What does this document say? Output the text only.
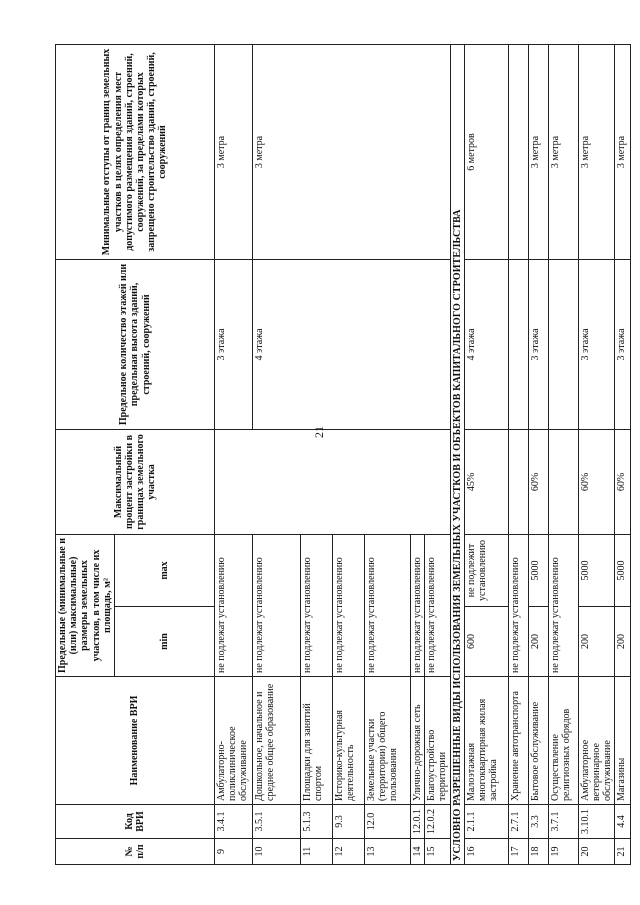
21
№ п/п	Код ВРИ	Наименование ВРИ	Предельные (минимальные и (или) максимальные) размеры земельных участков, в том числе их площадь, м²		Максимальный процент застройки в границах земельного участка	Предельное количество этажей или предельная высота зданий, строений, сооружений	Минимальные отступы от границ земельных участков в целях определения мест допустимого размещения зданий, строений, сооружений, за пределами которых запрещено строительство зданий, строений, сооружений
			min	max			
9	3.4.1	Амбулаторно-поликлиническое обслуживание	не подлежат установлению			3 этажа	3 метра
10	3.5.1	Дошкольное, начальное и среднее общее образование	не подлежат установлению			4 этажа	3 метра
11	5.1.3	Площадки для занятий спортом	не подлежат установлению				
12	9.3	Историко-культурная деятельность	не подлежат установлению				
13	12.0	Земельные участки (территории) общего пользования	не подлежат установлению				
14	12.0.1	Улично-дорожная сеть	не подлежат установлению				
15	12.0.2	Благоустройство территории	не подлежат установлению				
УСЛОВНО РАЗРЕШЕННЫЕ ВИДЫ ИСПОЛЬЗОВАНИЯ ЗЕМЕЛЬНЫХ УЧАСТКОВ И ОБЪЕКТОВ КАПИТАЛЬНОГО СТРОИТЕЛЬСТВА							
16	2.1.1	Малоэтажная многоквартирная жилая застройка	600	не подлежит установлению	45%	4 этажа	6 метров
17	2.7.1	Хранение автотранспорта	не подлежат установлению				
18	3.3	Бытовое обслуживание	200	5000	60%	3 этажа	3 метра
19	3.7.1	Осуществление религиозных обрядов	не подлежат установлению				3 метра
20	3.10.1	Амбулаторное ветеринарное обслуживание	200	5000	60%	3 этажа	3 метра
21	4.4	Магазины	200	5000	60%	3 этажа	3 метра
